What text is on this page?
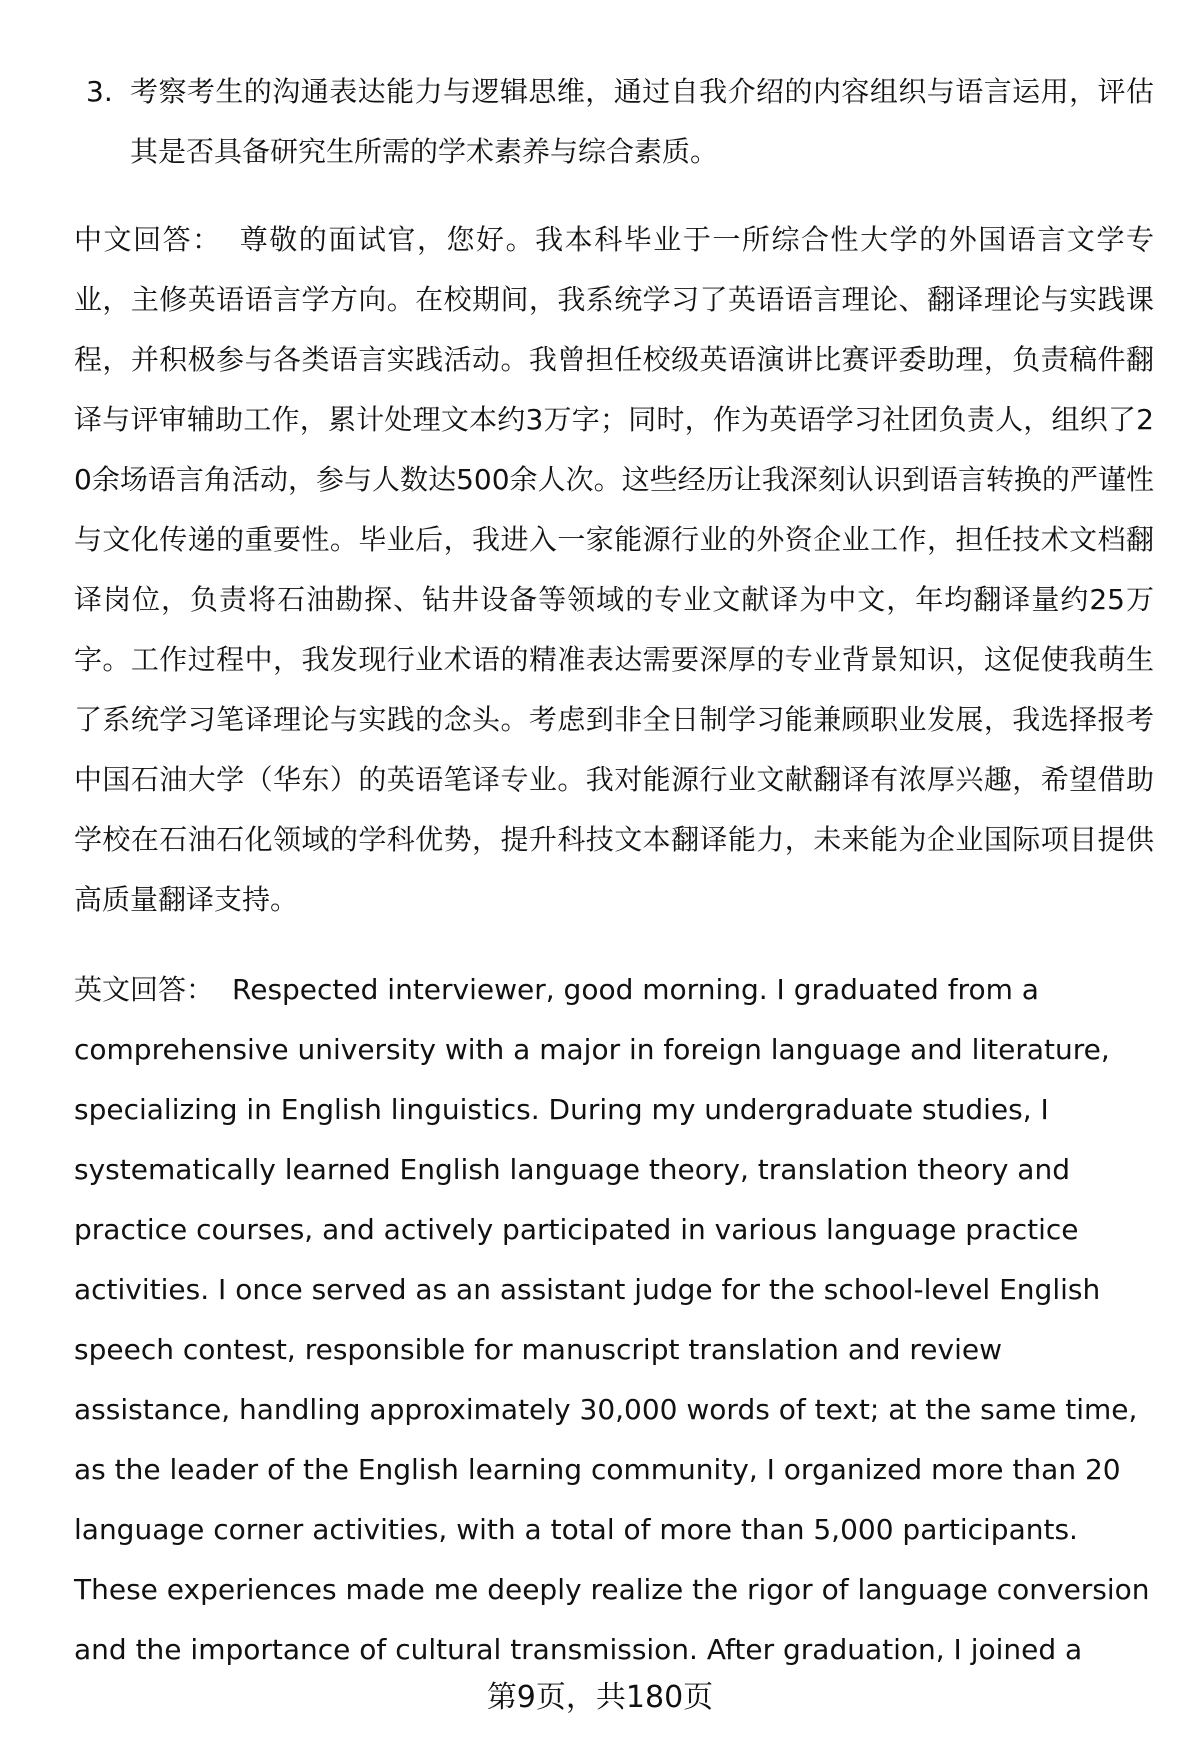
3. 考察考生的沟通表达能力与逻辑思维，通过自我介绍的内容组织与语言运用，评估其是否具备研究生所需的学术素养与综合素质。

中文回答： 尊敬的面试官，您好。我本科毕业于一所综合性大学的外国语言文学专业，主修英语语言学方向。在校期间，我系统学习了英语语言理论、翻译理论与实践课程，并积极参与各类语言实践活动。我曾担任校级英语演讲比赛评委助理，负责稿件翻译与评审辅助工作，累计处理文本约3万字；同时，作为英语学习社团负责人，组织了20余场语言角活动，参与人数达500余人次。这些经历让我深刻认识到语言转换的严谨性与文化传递的重要性。毕业后，我进入一家能源行业的外资企业工作，担任技术文档翻译岗位，负责将石油勘探、钻井设备等领域的专业文献译为中文，年均翻译量约25万字。工作过程中，我发现行业术语的精准表达需要深厚的专业背景知识，这促使我萌生了系统学习笔译理论与实践的念头。考虑到非全日制学习能兼顾职业发展，我选择报考中国石油大学（华东）的英语笔译专业。我对能源行业文献翻译有浓厚兴趣，希望借助学校在石油石化领域的学科优势，提升科技文本翻译能力，未来能为企业国际项目提供高质量翻译支持。

英文回答： Respected interviewer, good morning. I graduated from a comprehensive university with a major in foreign language and literature, specializing in English linguistics. During my undergraduate studies, I systematically learned English language theory, translation theory and practice courses, and actively participated in various language practice activities. I once served as an assistant judge for the school-level English speech contest, responsible for manuscript translation and review assistance, handling approximately 30,000 words of text; at the same time, as the leader of the English learning community, I organized more than 20 language corner activities, with a total of more than 5,000 participants. These experiences made me deeply realize the rigor of language conversion and the importance of cultural transmission. After graduation, I joined a

第9页，共180页
